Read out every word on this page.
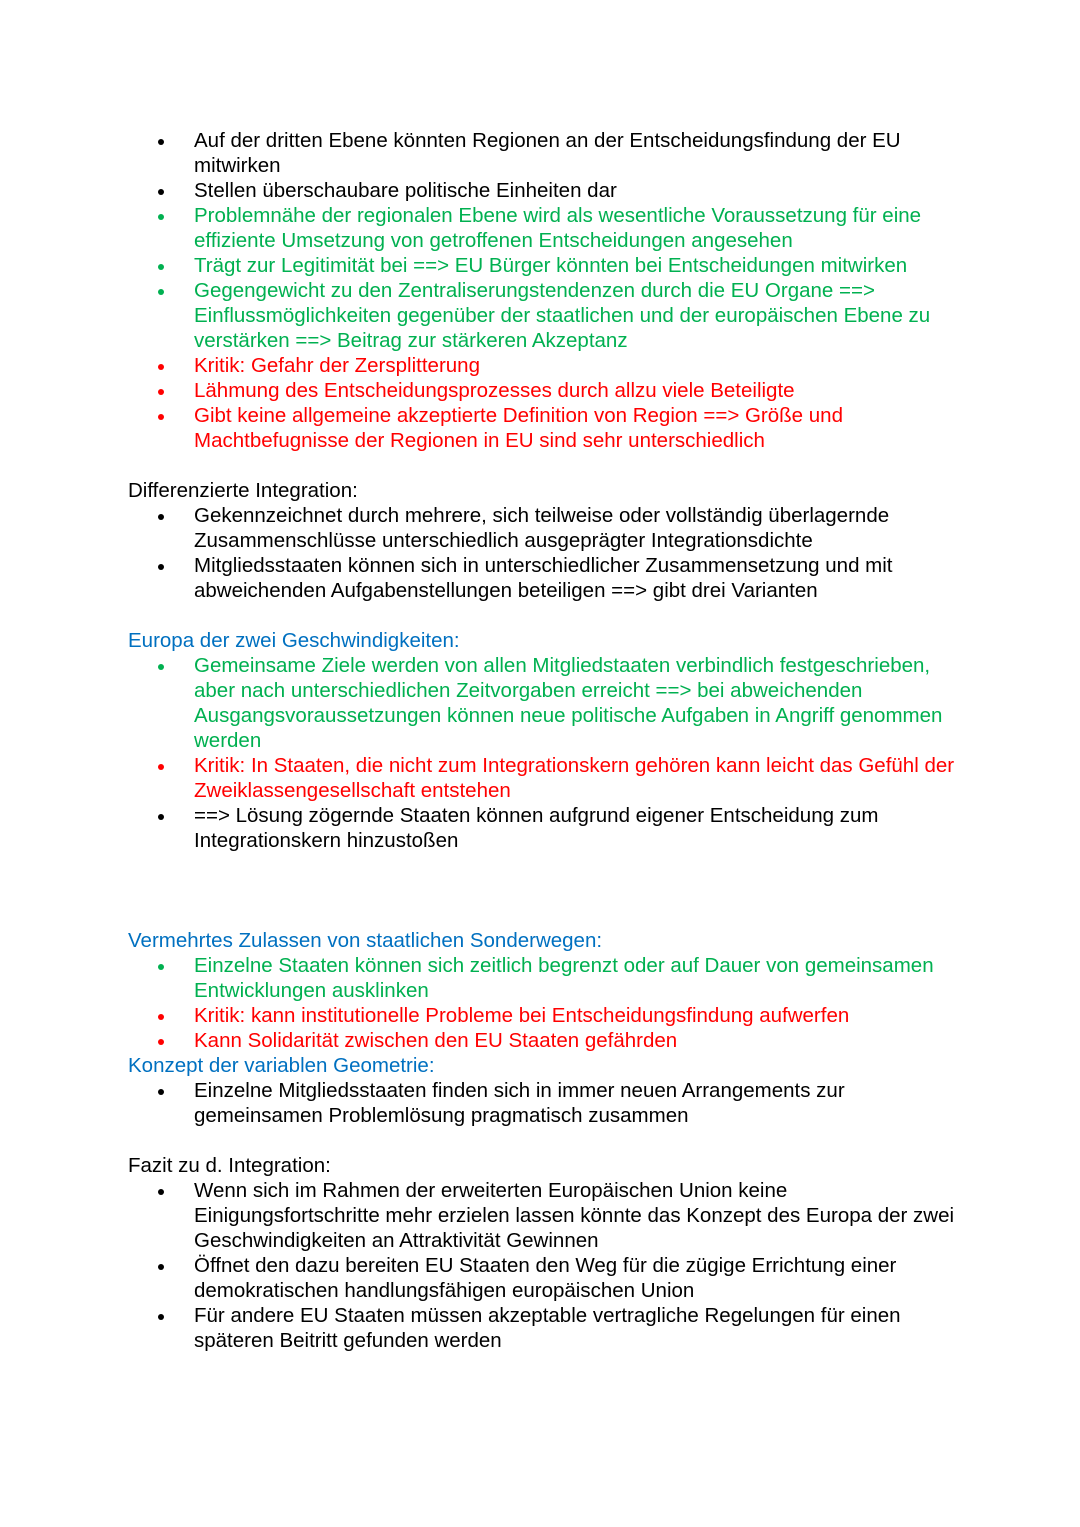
Auf der dritten Ebene könnten Regionen an der Entscheidungsfindung der EU mitwirken
Stellen überschaubare politische Einheiten dar
Problemnähe der regionalen Ebene wird als wesentliche Voraussetzung für eine effiziente Umsetzung von getroffenen Entscheidungen angesehen
Trägt zur Legitimität bei ==> EU Bürger könnten bei Entscheidungen mitwirken
Gegengewicht zu den Zentraliserungstendenzen durch die EU Organe ==> Einflussmöglichkeiten gegenüber der staatlichen und der europäischen Ebene zu verstärken ==> Beitrag zur stärkeren Akzeptanz
Kritik: Gefahr der Zersplitterung
Lähmung des Entscheidungsprozesses durch allzu viele Beteiligte
Gibt keine allgemeine akzeptierte Definition von Region ==> Größe und Machtbefugnisse der Regionen in EU sind sehr unterschiedlich

Differenzierte Integration:

Gekennzeichnet durch mehrere, sich teilweise oder vollständig überlagernde Zusammenschlüsse unterschiedlich ausgeprägter Integrationsdichte
Mitgliedsstaaten können sich in unterschiedlicher Zusammensetzung und mit abweichenden Aufgabenstellungen beteiligen ==> gibt drei Varianten

Europa der zwei Geschwindigkeiten:

Gemeinsame Ziele werden von allen Mitgliedstaaten verbindlich festgeschrieben, aber nach unterschiedlichen Zeitvorgaben erreicht ==> bei abweichenden Ausgangsvoraussetzungen können neue politische Aufgaben in Angriff genommen werden
Kritik: In Staaten, die nicht zum Integrationskern gehören kann leicht das Gefühl der Zweiklassengesellschaft entstehen
==> Lösung zögernde Staaten können aufgrund eigener Entscheidung zum Integrationskern hinzustoßen

Vermehrtes Zulassen von staatlichen Sonderwegen:

Einzelne Staaten können sich zeitlich begrenzt oder auf Dauer von gemeinsamen Entwicklungen ausklinken
Kritik: kann institutionelle Probleme bei Entscheidungsfindung aufwerfen
Kann Solidarität zwischen den EU Staaten gefährden

Konzept der variablen Geometrie:

Einzelne Mitgliedsstaaten finden sich in immer neuen Arrangements zur gemeinsamen Problemlösung pragmatisch zusammen

Fazit zu d. Integration:

Wenn sich im Rahmen der erweiterten Europäischen Union keine Einigungsfortschritte mehr erzielen lassen könnte das Konzept des Europa der zwei Geschwindigkeiten an Attraktivität Gewinnen
Öffnet den dazu bereiten EU Staaten den Weg für die zügige Errichtung einer demokratischen handlungsfähigen europäischen Union
Für andere EU Staaten müssen akzeptable vertragliche Regelungen für einen späteren Beitritt gefunden werden
